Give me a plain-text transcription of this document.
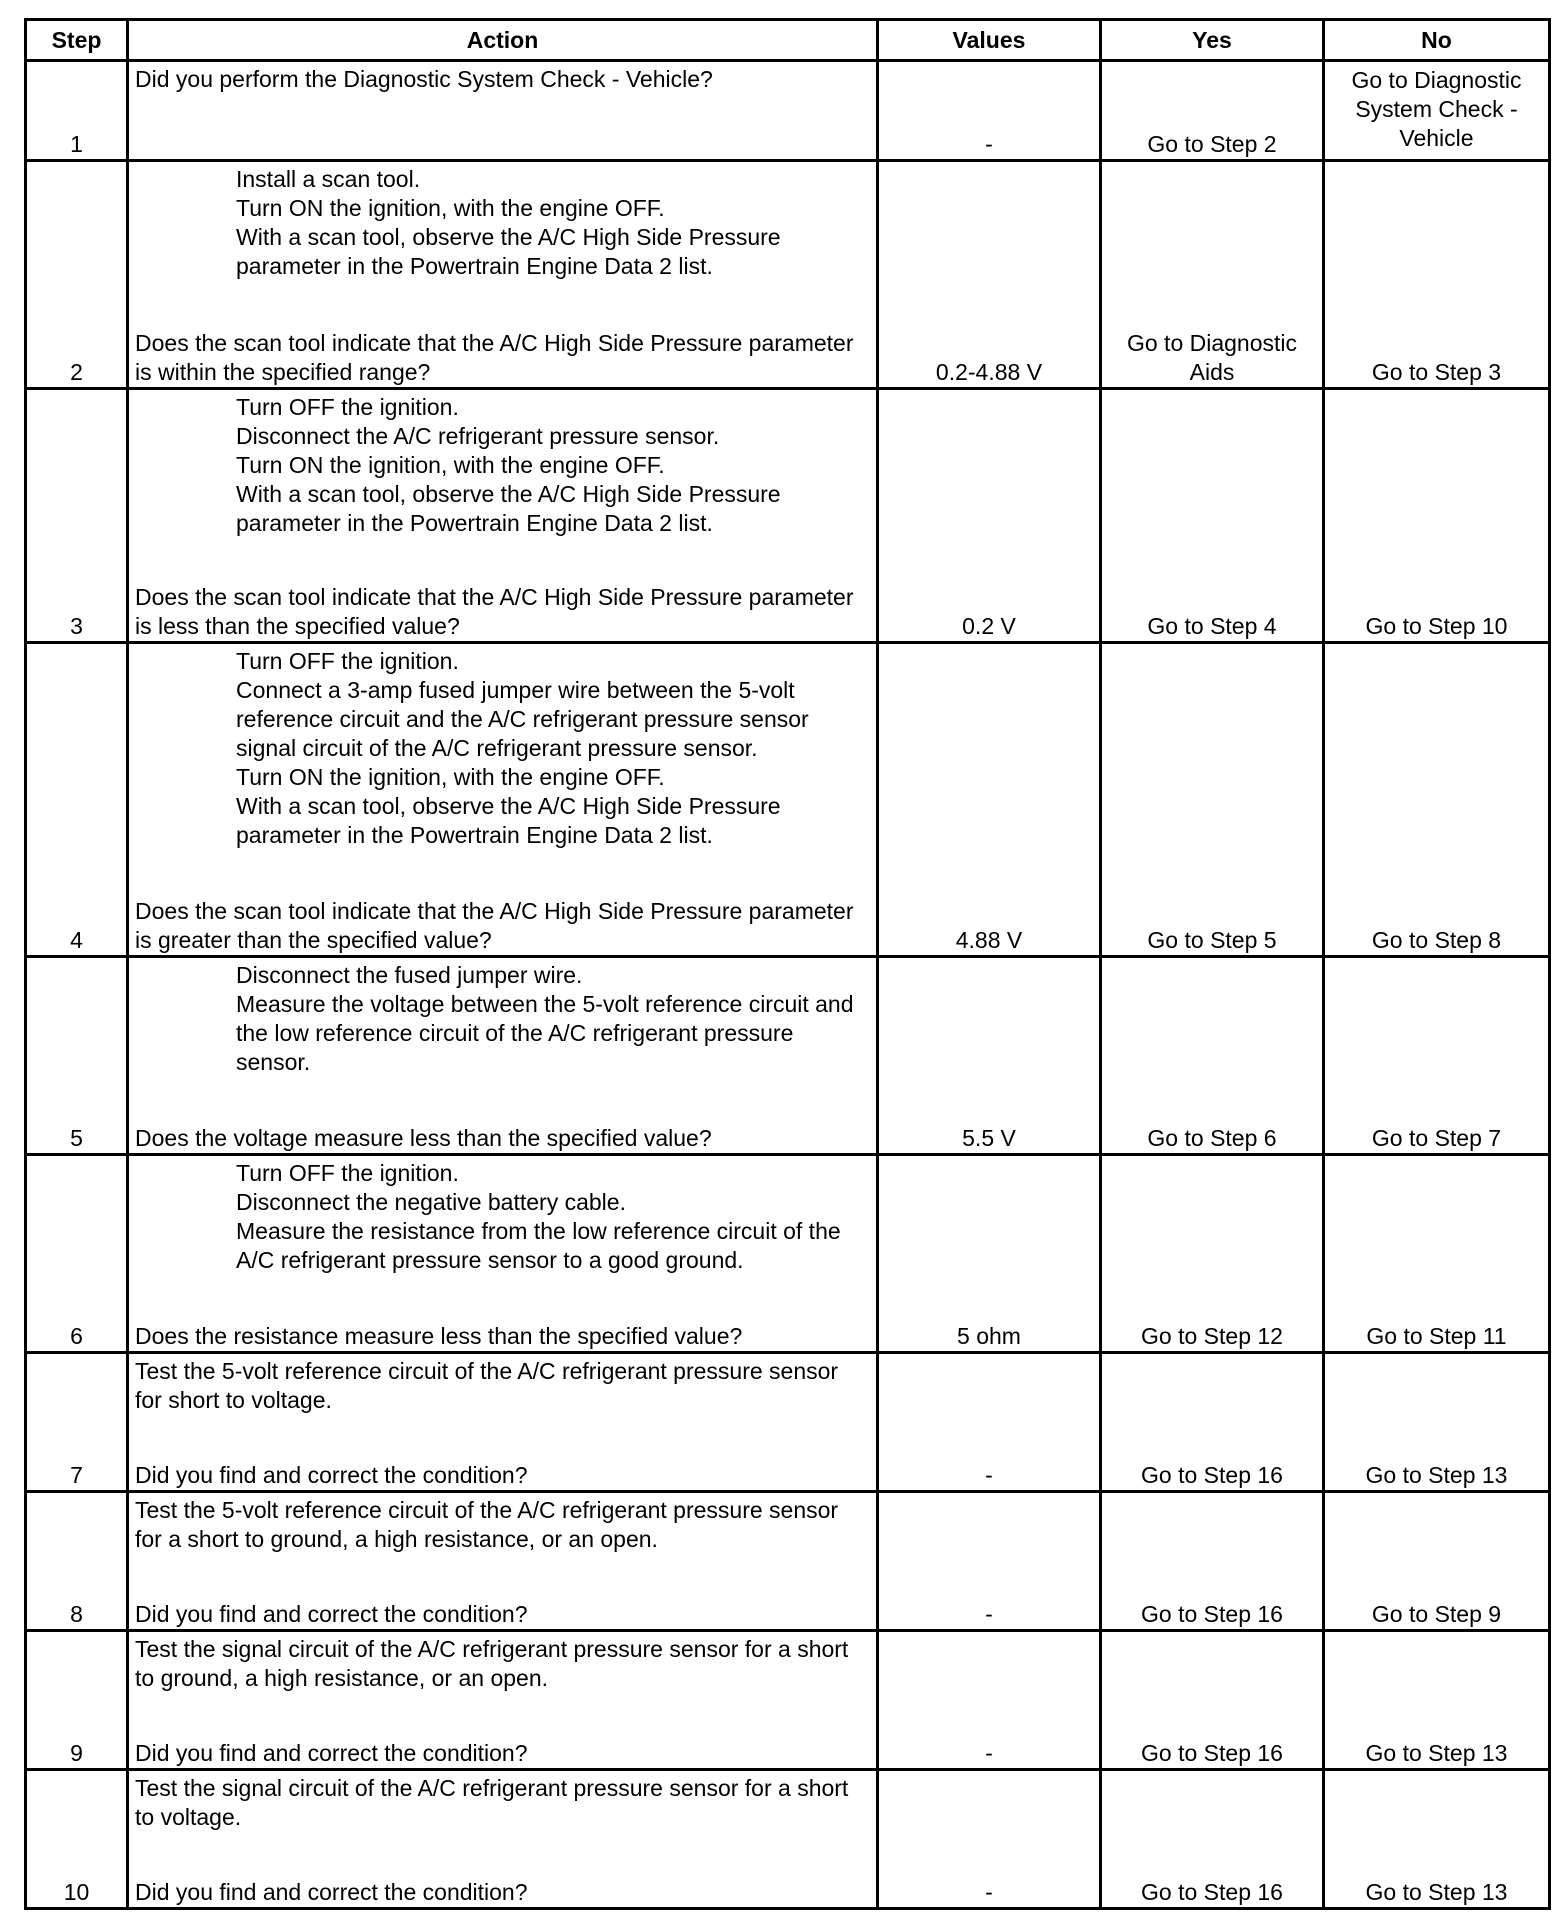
Step	Action	Values	Yes	No
1	Did you perform the Diagnostic System Check - Vehicle?	-	Go to Step 2	Go to Diagnostic System Check - Vehicle
2	Install a scan tool.
Turn ON the ignition, with the engine OFF.
With a scan tool, observe the A/C High Side Pressure parameter in the Powertrain Engine Data 2 list.
Does the scan tool indicate that the A/C High Side Pressure parameter is within the specified range?	0.2-4.88 V	Go to Diagnostic Aids	Go to Step 3
3	Turn OFF the ignition.
Disconnect the A/C refrigerant pressure sensor.
Turn ON the ignition, with the engine OFF.
With a scan tool, observe the A/C High Side Pressure parameter in the Powertrain Engine Data 2 list.
Does the scan tool indicate that the A/C High Side Pressure parameter is less than the specified value?	0.2 V	Go to Step 4	Go to Step 10
4	Turn OFF the ignition.
Connect a 3-amp fused jumper wire between the 5-volt reference circuit and the A/C refrigerant pressure sensor signal circuit of the A/C refrigerant pressure sensor.
Turn ON the ignition, with the engine OFF.
With a scan tool, observe the A/C High Side Pressure parameter in the Powertrain Engine Data 2 list.
Does the scan tool indicate that the A/C High Side Pressure parameter is greater than the specified value?	4.88 V	Go to Step 5	Go to Step 8
5	Disconnect the fused jumper wire.
Measure the voltage between the 5-volt reference circuit and the low reference circuit of the A/C refrigerant pressure sensor.
Does the voltage measure less than the specified value?	5.5 V	Go to Step 6	Go to Step 7
6	Turn OFF the ignition.
Disconnect the negative battery cable.
Measure the resistance from the low reference circuit of the A/C refrigerant pressure sensor to a good ground.
Does the resistance measure less than the specified value?	5 ohm	Go to Step 12	Go to Step 11
7	Test the 5-volt reference circuit of the A/C refrigerant pressure sensor for short to voltage.
Did you find and correct the condition?	-	Go to Step 16	Go to Step 13
8	Test the 5-volt reference circuit of the A/C refrigerant pressure sensor for a short to ground, a high resistance, or an open.
Did you find and correct the condition?	-	Go to Step 16	Go to Step 9
9	Test the signal circuit of the A/C refrigerant pressure sensor for a short to ground, a high resistance, or an open.
Did you find and correct the condition?	-	Go to Step 16	Go to Step 13
10	Test the signal circuit of the A/C refrigerant pressure sensor for a short to voltage.
Did you find and correct the condition?	-	Go to Step 16	Go to Step 13
